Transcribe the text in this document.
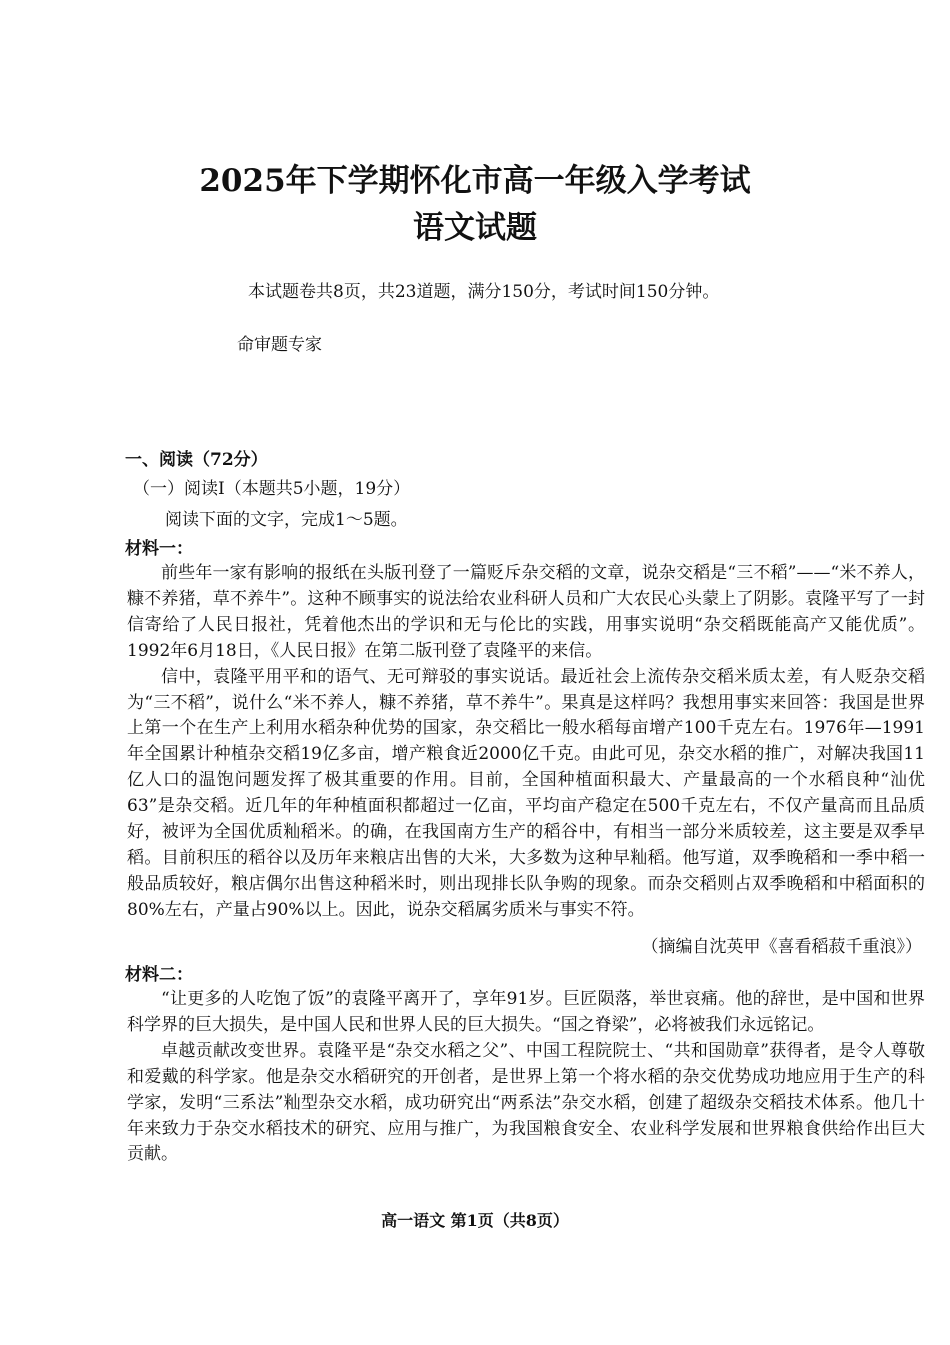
2025年下学期怀化市高一年级入学考试
语文试题
本试题卷共8页，共23道题，满分150分，考试时间150分钟。
命审题专家
一、阅读（72分）
（一）阅读Ⅰ（本题共5小题，19分）
阅读下面的文字，完成1～5题。
材料一：

前些年一家有影响的报纸在头版刊登了一篇贬斥杂交稻的文章，说杂交稻是“三不稻”——“米不养人，糠不养猪，草不养牛”。这种不顾事实的说法给农业科研人员和广大农民心头蒙上了阴影。袁隆平写了一封信寄给了人民日报社，凭着他杰出的学识和无与伦比的实践，用事实说明“杂交稻既能高产又能优质”。1992年6月18日，《人民日报》在第二版刊登了袁隆平的来信。

信中，袁隆平用平和的语气、无可辩驳的事实说话。最近社会上流传杂交稻米质太差，有人贬杂交稻为“三不稻”，说什么“米不养人，糠不养猪，草不养牛”。果真是这样吗？我想用事实来回答：我国是世界上第一个在生产上利用水稻杂种优势的国家，杂交稻比一般水稻每亩增产100千克左右。1976年—1991年全国累计种植杂交稻19亿多亩，增产粮食近2000亿千克。由此可见，杂交水稻的推广，对解决我国11亿人口的温饱问题发挥了极其重要的作用。目前，全国种植面积最大、产量最高的一个水稻良种“汕优63”是杂交稻。近几年的年种植面积都超过一亿亩，平均亩产稳定在500千克左右，不仅产量高而且品质好，被评为全国优质籼稻米。的确，在我国南方生产的稻谷中，有相当一部分米质较差，这主要是双季早稻。目前积压的稻谷以及历年来粮店出售的大米，大多数为这种早籼稻。他写道，双季晚稻和一季中稻一般品质较好，粮店偶尔出售这种稻米时，则出现排长队争购的现象。而杂交稻则占双季晚稻和中稻面积的80%左右，产量占90%以上。因此，说杂交稻属劣质米与事实不符。

（摘编自沈英甲《喜看稻菽千重浪》）
材料二：

“让更多的人吃饱了饭”的袁隆平离开了，享年91岁。巨匠陨落，举世哀痛。他的辞世，是中国和世界科学界的巨大损失，是中国人民和世界人民的巨大损失。“国之脊梁”，必将被我们永远铭记。

卓越贡献改变世界。袁隆平是“杂交水稻之父”、中国工程院院士、“共和国勋章”获得者，是令人尊敬和爱戴的科学家。他是杂交水稻研究的开创者，是世界上第一个将水稻的杂交优势成功地应用于生产的科学家，发明“三系法”籼型杂交水稻，成功研究出“两系法”杂交水稻，创建了超级杂交稻技术体系。他几十年来致力于杂交水稻技术的研究、应用与推广，为我国粮食安全、农业科学发展和世界粮食供给作出巨大贡献。

高一语文 第1页（共8页）
